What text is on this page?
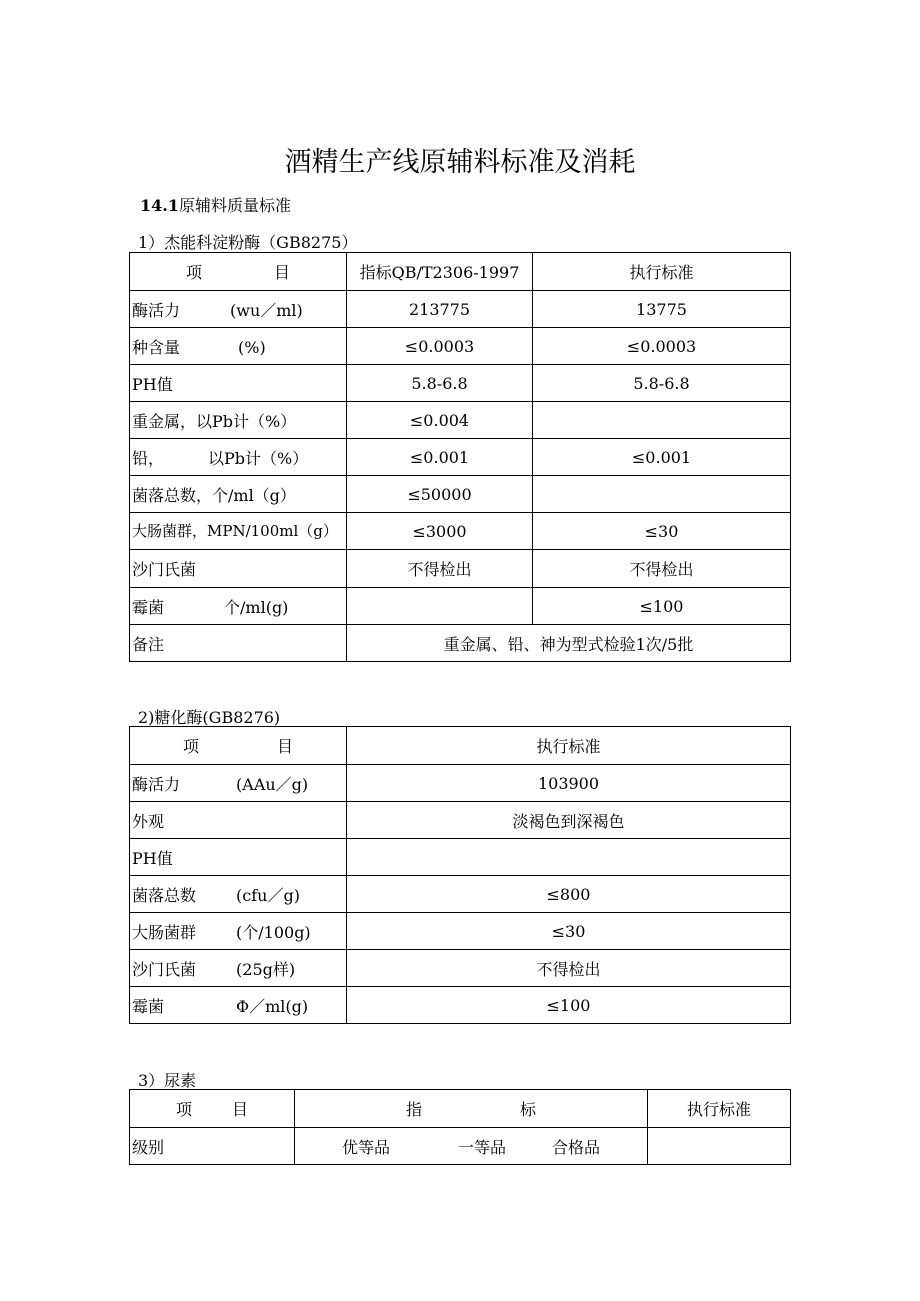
酒精生产线原辅料标准及消耗
14.1原辅料质量标准
1）杰能科淀粉酶（GB8275）
项 目	指标QB/T2306-1997	执行标准
酶活力 (wu／ml)	213775	13775
种含量 (%)	≤0.0003	≤0.0003
PH值	5.8-6.8	5.8-6.8
重金属，以Pb计（%）	≤0.004	
铅， 以Pb计（%）	≤0.001	≤0.001
菌落总数，个/ml（g）	≤50000	
大肠菌群，MPN/100ml（g）	≤3000	≤30
沙门氏菌	不得检出	不得检出
霉菌 个/ml(g)		≤100
备注	重金属、铅、神为型式检验1次/5批	
2)糖化酶(GB8276)
项 目	执行标准
酶活力 (AAu／g)	103900
外观	淡褐色到深褐色
PH值	
菌落总数 (cfu／g)	≤800
大肠菌群 (个/100g)	≤30
沙门氏菌 (25g样)	不得检出
霉菌 Φ／ml(g)	≤100
3）尿素
项 目	指 标	执行标准
级别	优等品 一等品 合格品	
